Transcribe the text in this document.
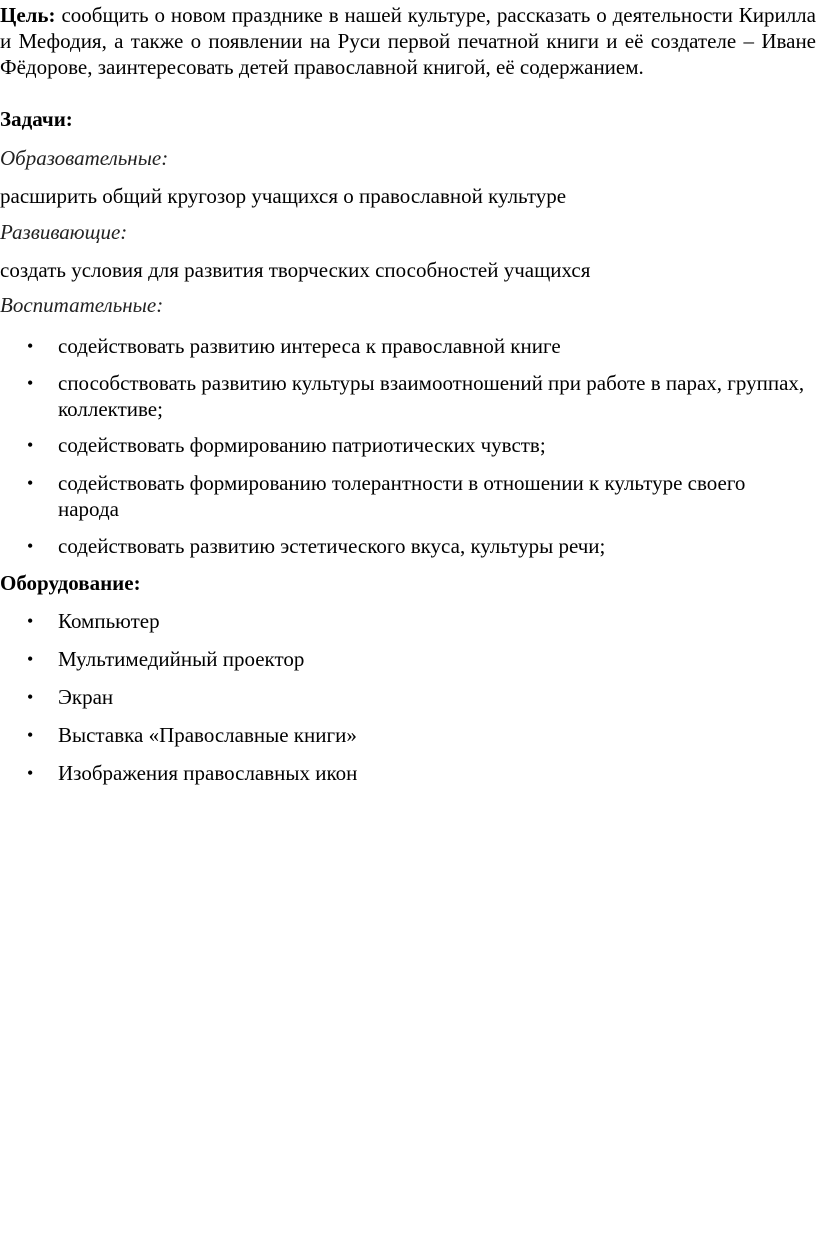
Цель: сообщить о новом празднике в нашей культуре, рассказать о деятельности Кирилла и Мефодия, а также о появлении на Руси первой печатной книги и её создателе – Иване Фёдорове, заинтересовать детей православной книгой, её содержанием.

Задачи:

Образовательные:

расширить общий кругозор учащихся о православной культуре

Развивающие:

создать условия для развития творческих способностей учащихся

Воспитательные:

• содействовать развитию интереса к православной книге
• способствовать развитию культуры взаимоотношений при работе в парах, группах, коллективе;
• содействовать формированию патриотических чувств;
• содействовать формированию толерантности в отношении к культуре своего народа
• содействовать развитию эстетического вкуса, культуры речи;

Оборудование:

• Компьютер
• Мультимедийный проектор
• Экран
• Выставка «Православные книги»
• Изображения православных икон
